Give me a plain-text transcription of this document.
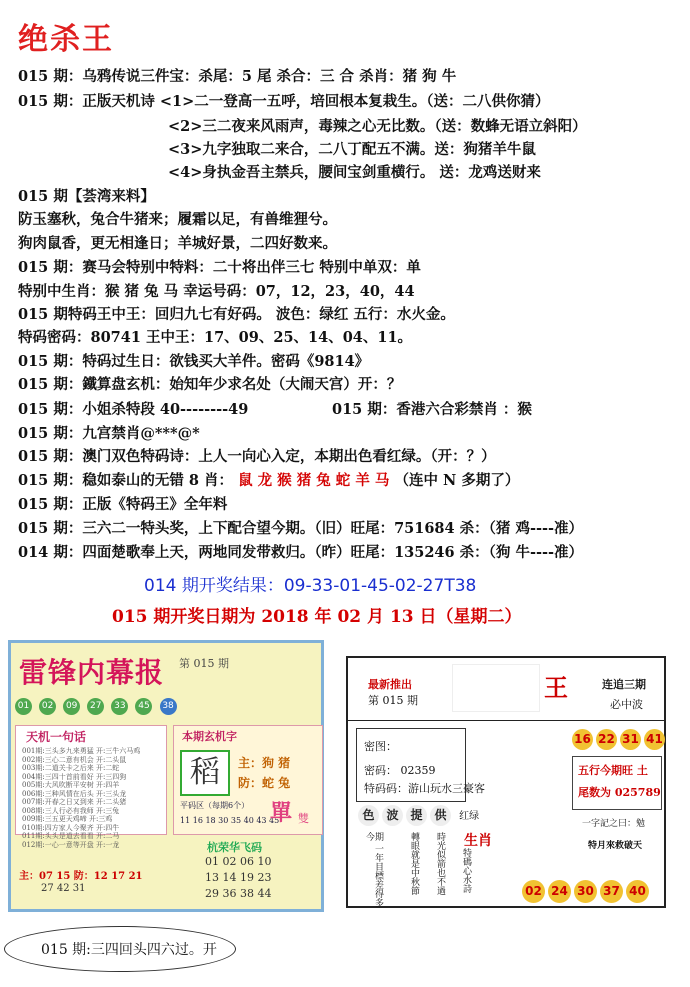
绝杀王
015 期：乌鸦传说三件宝：杀尾：5 尾 杀合：三 合 杀肖：猪 狗 牛
015 期：正版天机诗 <1>二一登高一五呼，培回根本复栽生。（送：二八供你猜）
<2>三二夜来风雨声，毒辣之心无比数。（送：数蜂无语立斜阳）
<3>九字独取二来合，二八丁配五不满。送：狗猪羊牛鼠
<4>身执金吾主禁兵，腰间宝剑重横行。 送：龙鸡送财来
015 期【荟湾来料】
防玉塞秋，兔合牛猪来；履霜以足，有兽维狸兮。
狗肉鼠香，更无相逢日；羊城好景，二四好数来。
015 期：赛马会特别中特料：二十将出伴三七 特别中单双：单
特别中生肖：猴 猪 兔 马 幸运号码：07，12，23，40，44
015 期特码王中王：回归九七有好码。 波色：绿红 五行：水火金。
特码密码：80741 王中王：17、09、25、14、04、11。
015 期：特码过生日：欲钱买大羊件。密码《9814》
015 期：鐵算盘玄机：始知年少求名处（大闹天宫）开：？
015 期：小姐杀特段 40--------49	015 期：香港六合彩禁肖 ：猴
015 期：九宫禁肖@***@*
015 期：澳门双色特码诗：上人一向心入定，本期出色看红绿。（开：？）
015 期：稳如泰山的无错 8 肖： 鼠 龙 猴 猪 兔 蛇 羊 马 （连中 N 多期了）
015 期：正版《特码王》全年料
015 期：三六二一特头奖，上下配合望今期。（旧）旺尾：751684 杀：（猪 鸡----准）
014 期：四面楚歌奉上天，两地同发带救归。（昨）旺尾：135246 杀：（狗 牛----准）
014 期开奖结果：09-33-01-45-02-27T38
015 期开奖日期为 2018 年 02 月 13 日（星期二）
雷锋内幕报 第 015 期
01 02 09 27 33 45 38
天机一句话
001期:三头多九来勇猛 开:三牛六马鸡
002期:三心二意有机会 开:二头鼠
003期:二道关卡之后来 开:二蛇
004期:三四十首前看好 开:三四狗
005期:大风吹断平安树 开:四羊
006期:三种风情在后头 开:三头龙
007期:开春之日又到来 开:二头猪
008期:三人行必有我师 开:三兔
009期:三五更天鸡啼 开:三鸡
010期:四方家人今聚齐 开:四牛
011期:头头是道去看看 开:二马
012期:一心一意等开盘 开:一龙
本期玄机字
稻	主：狗 猪
防：蛇 兔
平码区（每期6个）
11 16 18 30 35 40 43 45
單 雙
主：07 15 防：12 17 21
27 42 31
杭荣华飞码
01 02 06 10
13 14 19 23
29 36 38 44
最新推出
第 015 期	王	连追三期
必中波
密图：
密码： 02359
特码码：游山玩水三豪客
16 22 31 41
五行今期旺 土
尾数为 025789
色 波 提 供 红绿
今期
一年目標差得多	轉眼就是中秋節 時光似箭也不過 特碼心水詩
生肖
一字記之曰：勉
特月來救破天
02 24 30 37 40
015 期:三四回头四六过。开
